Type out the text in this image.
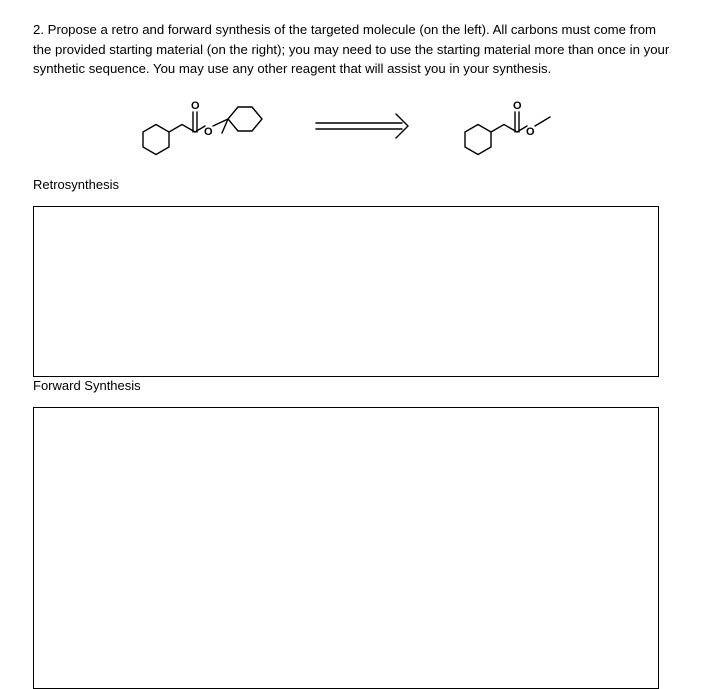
2. Propose a retro and forward synthesis of the targeted molecule (on the left). All carbons must come from the provided starting material (on the right); you may need to use the starting material more than once in your synthetic sequence. You may use any other reagent that will assist you in your synthesis.

O
O
O
O

Retrosynthesis

Forward Synthesis
